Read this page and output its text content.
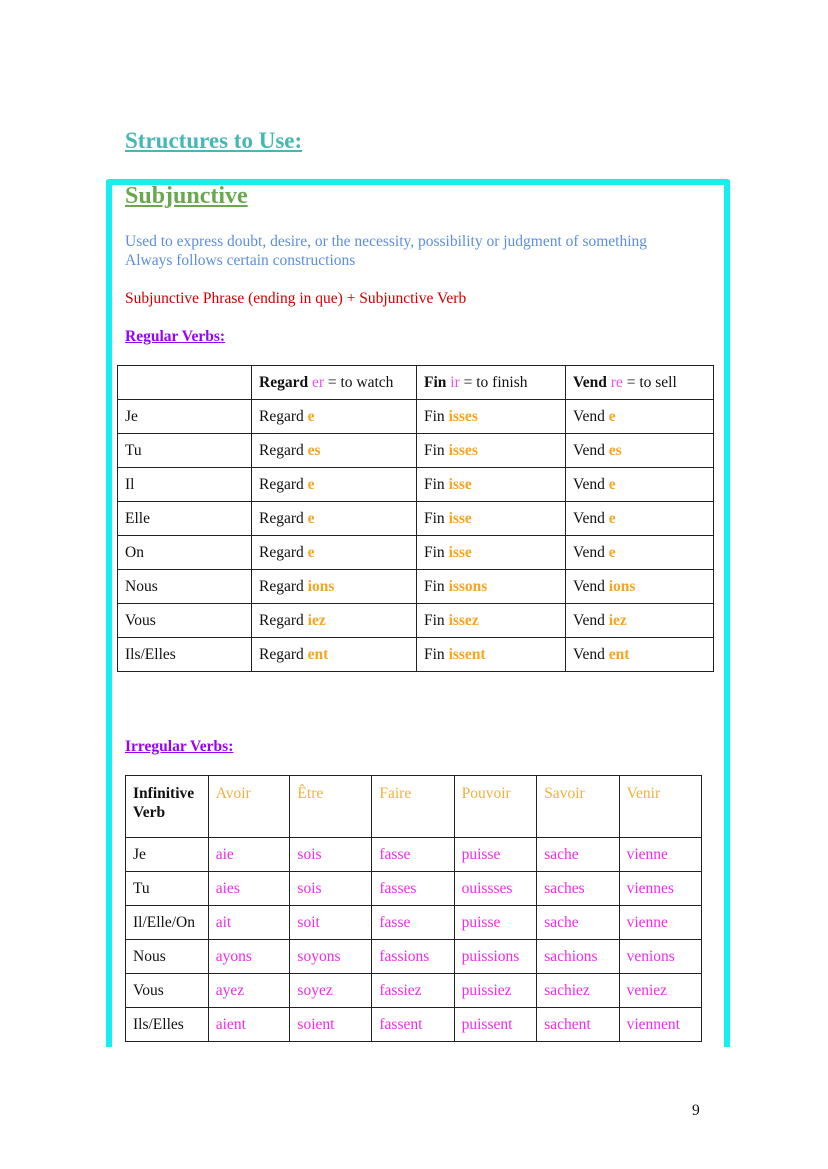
Structures to Use:
Subjunctive
Used to express doubt, desire, or the necessity, possibility or judgment of something
Always follows certain constructions
Subjunctive Phrase (ending in que) + Subjunctive Verb
Regular Verbs:
	Regard er = to watch	Fin ir = to finish	Vend re = to sell
Je	Regard e	Fin isses	Vend e
Tu	Regard es	Fin isses	Vend es
Il	Regard e	Fin isse	Vend e
Elle	Regard e	Fin isse	Vend e
On	Regard e	Fin isse	Vend e
Nous	Regard ions	Fin issons	Vend ions
Vous	Regard iez	Fin issez	Vend iez
Ils/Elles	Regard ent	Fin issent	Vend ent
Irregular Verbs:
Infinitive Verb	Avoir	Être	Faire	Pouvoir	Savoir	Venir
Je	aie	sois	fasse	puisse	sache	vienne
Tu	aies	sois	fasses	ouissses	saches	viennes
Il/Elle/On	ait	soit	fasse	puisse	sache	vienne
Nous	ayons	soyons	fassions	puissions	sachions	venions
Vous	ayez	soyez	fassiez	puissiez	sachiez	veniez
Ils/Elles	aient	soient	fassent	puissent	sachent	viennent
9
